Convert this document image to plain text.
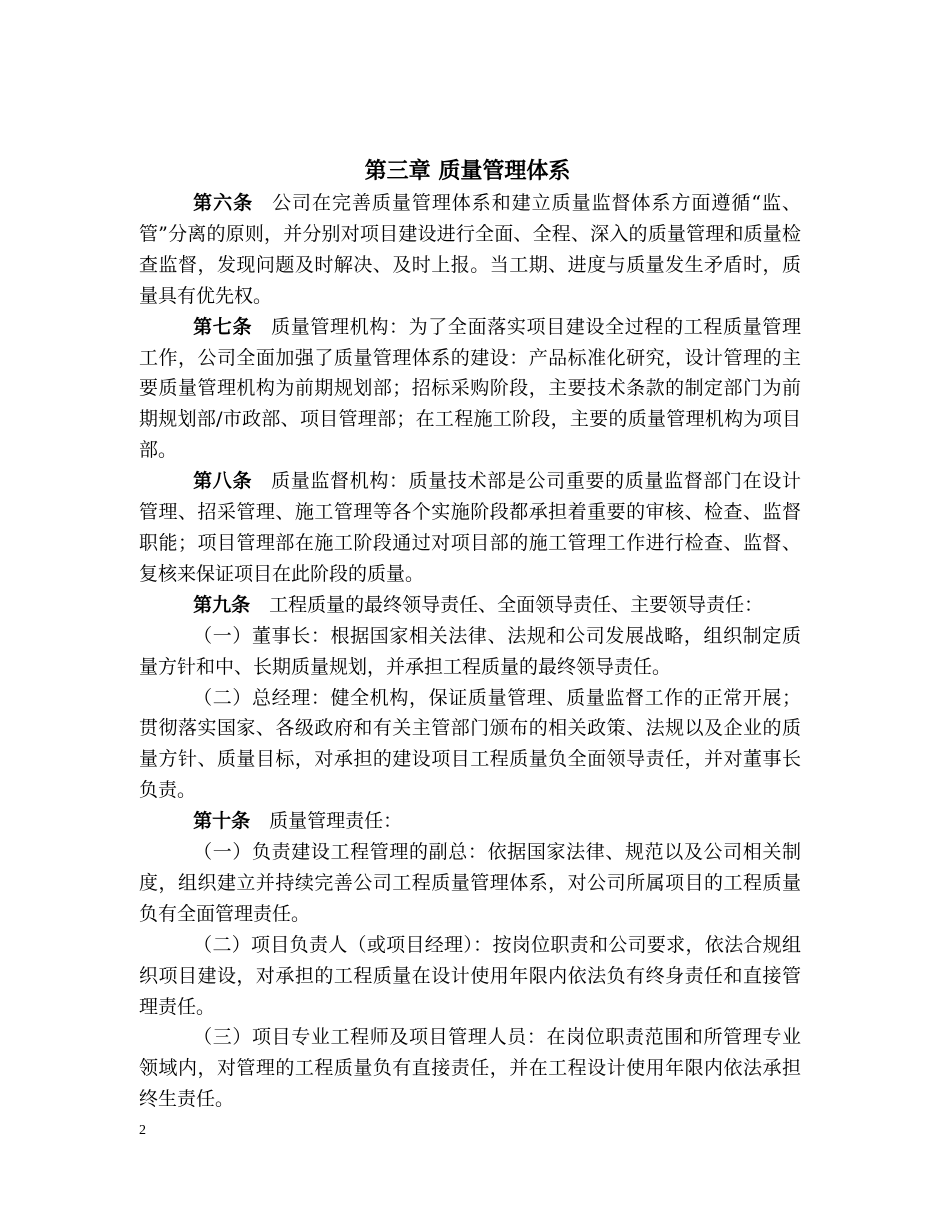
第三章 质量管理体系

第六条 公司在完善质量管理体系和建立质量监督体系方面遵循“监、管”分离的原则，并分别对项目建设进行全面、全程、深入的质量管理和质量检查监督，发现问题及时解决、及时上报。当工期、进度与质量发生矛盾时，质量具有优先权。

第七条 质量管理机构：为了全面落实项目建设全过程的工程质量管理工作，公司全面加强了质量管理体系的建设：产品标准化研究，设计管理的主要质量管理机构为前期规划部；招标采购阶段，主要技术条款的制定部门为前期规划部/市政部、项目管理部；在工程施工阶段，主要的质量管理机构为项目部。

第八条 质量监督机构：质量技术部是公司重要的质量监督部门在设计管理、招采管理、施工管理等各个实施阶段都承担着重要的审核、检查、监督职能；项目管理部在施工阶段通过对项目部的施工管理工作进行检查、监督、复核来保证项目在此阶段的质量。

第九条 工程质量的最终领导责任、全面领导责任、主要领导责任：

（一）董事长：根据国家相关法律、法规和公司发展战略，组织制定质量方针和中、长期质量规划，并承担工程质量的最终领导责任。

（二）总经理：健全机构，保证质量管理、质量监督工作的正常开展；贯彻落实国家、各级政府和有关主管部门颁布的相关政策、法规以及企业的质量方针、质量目标，对承担的建设项目工程质量负全面领导责任，并对董事长负责。

第十条 质量管理责任：

（一）负责建设工程管理的副总：依据国家法律、规范以及公司相关制度，组织建立并持续完善公司工程质量管理体系，对公司所属项目的工程质量负有全面管理责任。

（二）项目负责人（或项目经理）：按岗位职责和公司要求，依法合规组织项目建设，对承担的工程质量在设计使用年限内依法负有终身责任和直接管理责任。

（三）项目专业工程师及项目管理人员：在岗位职责范围和所管理专业领域内，对管理的工程质量负有直接责任，并在工程设计使用年限内依法承担终生责任。

2
